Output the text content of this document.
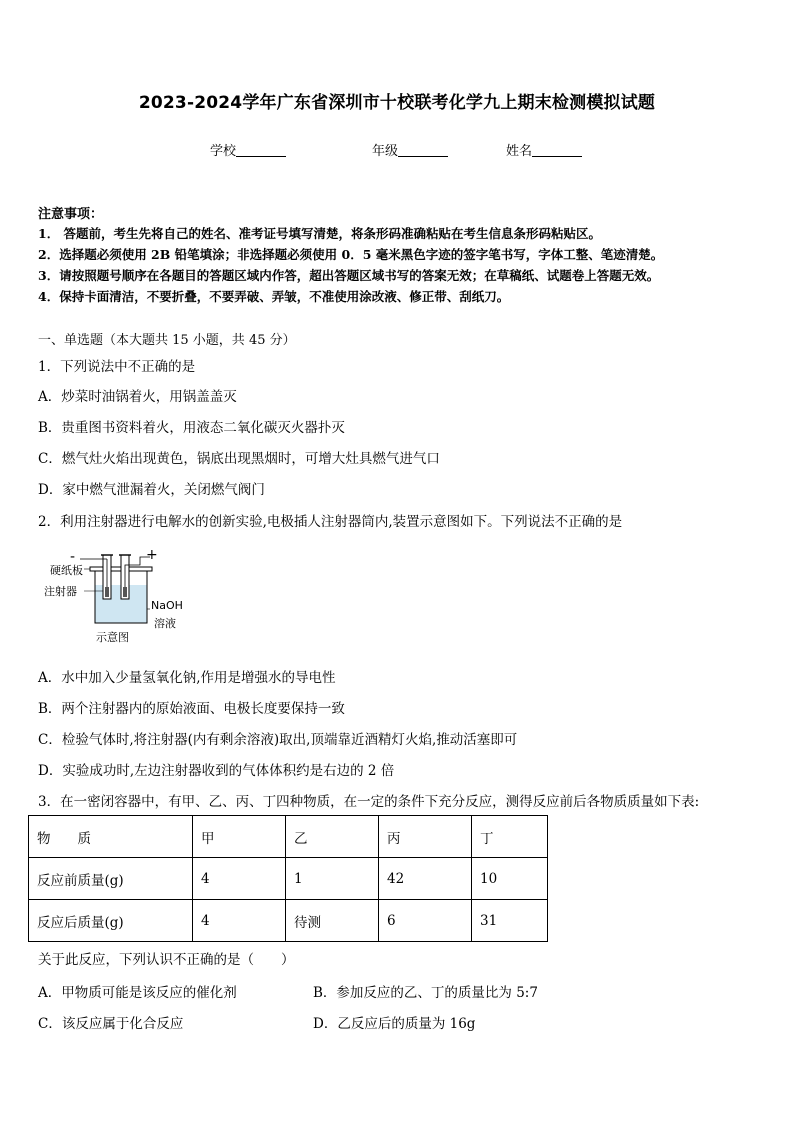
2023-2024学年广东省深圳市十校联考化学九上期末检测模拟试题
学校	年级	姓名
注意事项：
1． 答题前，考生先将自己的姓名、准考证号填写清楚，将条形码准确粘贴在考生信息条形码粘贴区。
2．选择题必须使用 2B 铅笔填涂；非选择题必须使用 0．5 毫米黑色字迹的签字笔书写，字体工整、笔迹清楚。
3．请按照题号顺序在各题目的答题区域内作答，超出答题区域书写的答案无效；在草稿纸、试题卷上答题无效。
4．保持卡面清洁，不要折叠，不要弄破、弄皱，不准使用涂改液、修正带、刮纸刀。
一、单选题（本大题共 15 小题，共 45 分）
1．下列说法中不正确的是
A．炒菜时油锅着火，用锅盖盖灭
B．贵重图书资料着火，用液态二氧化碳灭火器扑灭
C．燃气灶火焰出现黄色，锅底出现黑烟时，可增大灶具燃气进气口
D．家中燃气泄漏着火，关闭燃气阀门
2．利用注射器进行电解水的创新实验,电极插人注射器筒内,装置示意图如下。下列说法不正确的是
-	+
硬纸板
注射器
NaOH
溶液
示意图
A．水中加入少量氢氧化钠,作用是增强水的导电性
B．两个注射器内的原始液面、电极长度要保持一致
C．检验气体时,将注射器(内有剩余溶液)取出,顶端靠近酒精灯火焰,推动活塞即可
D．实验成功时,左边注射器收到的气体体积约是右边的 2 倍
3．在一密闭容器中，有甲、乙、丙、丁四种物质，在一定的条件下充分反应，测得反应前后各物质质量如下表:
物　　质	甲	乙	丙	丁
反应前质量(g)	4	1	42	10
反应后质量(g)	4	待测	6	31
关于此反应，下列认识不正确的是（　　）
A．甲物质可能是该反应的催化剂	B．参加反应的乙、丁的质量比为 5:7
C．该反应属于化合反应	D．乙反应后的质量为 16g
